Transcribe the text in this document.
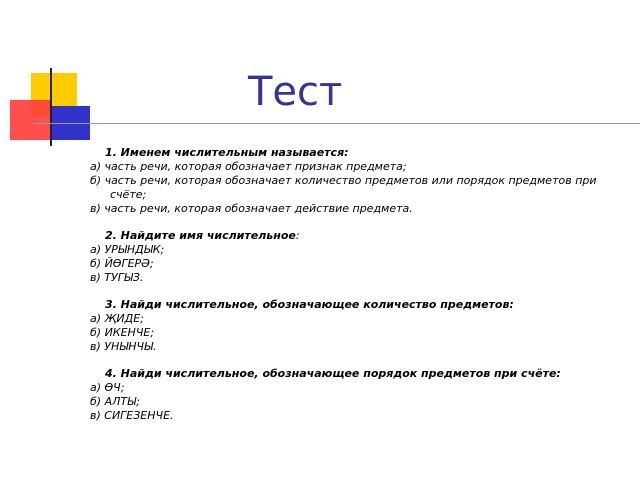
Тест
1. Именем числительным называется:
а) часть речи, которая обозначает признак предмета;
б) часть речи, которая обозначает количество предметов или порядок предметов при счёте;
в) часть речи, которая обозначает действие предмета.
2. Найдите имя числительное:
а) УРЫНДЫК;
б) ЙӨГЕРӘ;
в) ТУГЫЗ.
3. Найди числительное, обозначающее количество предметов:
а) ҖИДЕ;
б) ИКЕНЧЕ;
в) УНЫНЧЫ.
4. Найди числительное, обозначающее порядок предметов при счёте:
а) ӨЧ;
б) АЛТЫ;
в) СИГЕЗЕНЧЕ.
